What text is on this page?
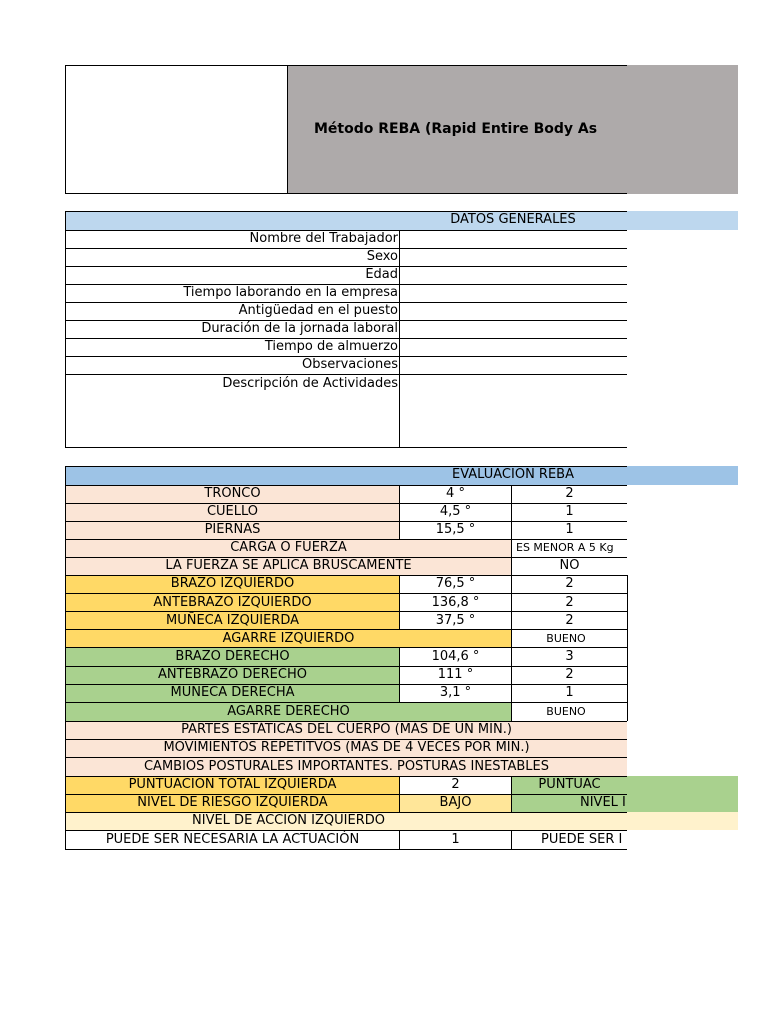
Método REBA (Rapid Entire Body As
DATOS GENERALES
Nombre del Trabajador
Sexo
Edad
Tiempo laborando en la empresa
Antigüedad en el puesto
Duración de la jornada laboral
Tiempo de almuerzo
Observaciones
Descripción de Actividades
EVALUACIÓN REBA
TRONCO	4 °	2
CUELLO	4,5 °	1
PIERNAS	15,5 °	1
CARGA O FUERZA	ES MENOR A 5 Kg
LA FUERZA SE APLICA BRUSCAMENTE	NO
BRAZO IZQUIERDO	76,5 °	2
ANTEBRAZO IZQUIERDO	136,8 °	2
MUÑECA IZQUIERDA	37,5 °	2
AGARRE IZQUIERDO	BUENO
BRAZO DERECHO	104,6 °	3
ANTEBRAZO DERECHO	111 °	2
MUÑECA DERECHA	3,1 °	1
AGARRE DERECHO	BUENO
PARTES ESTÁTICAS DEL CUERPO (MÁS DE UN MIN.)
MOVIMIENTOS REPETITVOS (MÁS DE 4 VECES POR MIN.)
CAMBIOS POSTURALES IMPORTANTES. POSTURAS INESTABLES
PUNTUACION TOTAL IZQUIERDA	2	PUNTUAC
NIVEL DE RIESGO IZQUIERDA	BAJO	NIVEL I
NIVEL DE ACCIÓN IZQUIERDO
PUEDE SER NECESARIA LA ACTUACIÓN	1	PUEDE SER I
